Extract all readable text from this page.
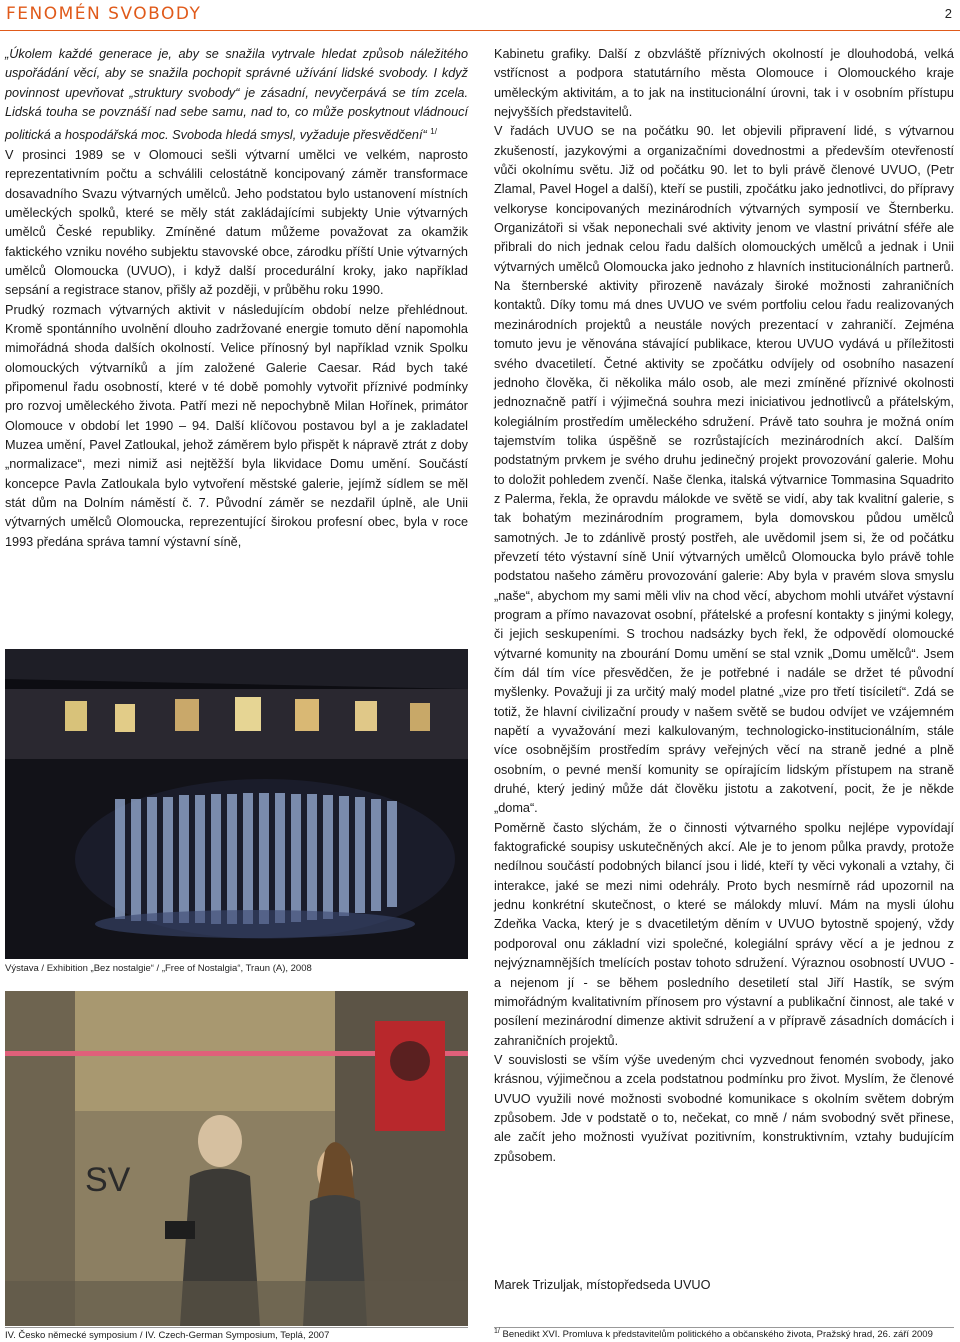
FENOMÉN SVOBODY	2

„Úkolem každé generace je, aby se snažila vytrvale hledat způsob náležitého uspořádání věcí, aby se snažila pochopit správné užívání lidské svobody. I když povinnost upevňovat „struktury svobody“ je zásadní, nevyčerpává se tím zcela. Lidská touha se povznáší nad sebe samu, nad to, co může poskytnout vládnoucí politická a hospodářská moc. Svoboda hledá smysl, vyžaduje přesvědčení“ $^{1/}$

V prosinci 1989 se v Olomouci sešli výtvarní umělci ve velkém, naprosto reprezentativním počtu a schválili celostátně koncipovaný záměr transformace dosavadního Svazu výtvarných umělců. Jeho podstatou bylo ustanovení místních uměleckých spolků, které se měly stát zakládajícími subjekty Unie výtvarných umělců České republiky. Zmíněné datum můžeme považovat za okamžik faktického vzniku nového subjektu stavovské obce, zárodku příští Unie výtvarných umělců Olomoucka (UVUO), i když další procedurální kroky, jako například sepsání a registrace stanov, přišly až později, v průběhu roku 1990.

Prudký rozmach výtvarných aktivit v následujícím období nelze přehlédnout. Kromě spontánního uvolnění dlouho zadržované energie tomuto dění napomohla mimořádná shoda dalších okolností. Velice přínosný byl například vznik Spolku olomouckých výtvarníků a jím založené Galerie Caesar. Rád bych také připomenul řadu osobností, které v té době pomohly vytvořit příznivé podmínky pro rozvoj uměleckého života. Patří mezi ně nepochybně Milan Hořínek, primátor Olomouce v období let 1990 – 94. Další klíčovou postavou byl a je zakladatel Muzea umění, Pavel Zatloukal, jehož záměrem bylo přispět k nápravě ztrát z doby „normalizace“, mezi nimiž asi nejtěžší byla likvidace Domu umění. Součástí koncepce Pavla Zatloukala bylo vytvoření městské galerie, jejímž sídlem se měl stát dům na Dolním náměstí č. 7. Původní záměr se nezdařil úplně, ale Unii výtvarných umělců Olomoucka, reprezentující širokou profesní obec, byla v roce 1993 předána správa tamní výstavní síně,

Výstava / Exhibition „Bez nostalgie“ / „Free of Nostalgia“, Traun (A), 2008
SV

Kabinetu grafiky. Další z obzvláště příznivých okolností je dlouhodobá, velká vstřícnost a podpora statutárního města Olomouce i Olomouckého kraje uměleckým aktivitám, a to jak na institucionální úrovni, tak i v osobním přístupu nejvyšších představitelů.

V řadách UVUO se na počátku 90. let objevili připravení lidé, s výtvarnou zkušeností, jazykovými a organizačními dovednostmi a především otevřeností vůči okolnímu světu. Již od počátku 90. let to byli právě členové UVUO, (Petr Zlamal, Pavel Hogel a další), kteří se pustili, zpočátku jako jednotlivci, do přípravy velkoryse koncipovaných mezinárodních výtvarných symposií ve Šternberku. Organizátoři si však neponechali své aktivity jenom ve vlastní privátní sféře ale přibrali do nich jednak celou řadu dalších olomouckých umělců a jednak i Unii výtvarných umělců Olomoucka jako jednoho z hlavních institucionálních partnerů. Na šternberské aktivity přirozeně navázaly široké možnosti zahraničních kontaktů. Díky tomu má dnes UVUO ve svém portfoliu celou řadu realizovaných mezinárodních projektů a neustále nových prezentací v zahraničí. Zejména tomuto jevu je věnována stávající publikace, kterou UVUO vydává u příležitosti svého dvacetiletí. Četné aktivity se zpočátku odvíjely od osobního nasazení jednoho člověka, či několika málo osob, ale mezi zmíněné příznivé okolnosti jednoznačně patří i výjimečná souhra mezi iniciativou jednotlivců a přátelským, kolegiálním prostředím uměleckého sdružení. Právě tato souhra je možná oním tajemstvím tolika úspěšně se rozrůstajících mezinárodních akcí. Dalším podstatným prvkem je svého druhu jedinečný projekt provozování galerie. Mohu to doložit pohledem zvenčí. Naše členka, italská výtvarnice Tommasina Squadrito z Palerma, řekla, že opravdu málokde ve světě se vidí, aby tak kvalitní galerie, s tak bohatým mezinárodním programem, byla domovskou půdou umělců samotných. Je to zdánlivě prostý postřeh, ale uvědomil jsem si, že od počátku převzetí této výstavní síně Unií výtvarných umělců Olomoucka bylo právě tohle podstatou našeho záměru provozování galerie: Aby byla v pravém slova smyslu „naše“, abychom my sami měli vliv na chod věcí, abychom mohli utvářet výstavní program a přímo navazovat osobní, přátelské a profesní kontakty s jinými kolegy, či jejich seskupeními. S trochou nadsázky bych řekl, že odpovědí olomoucké výtvarné komunity na zbourání Domu umění se stal vznik „Domu umělců“. Jsem čím dál tím více přesvědčen, že je potřebné i nadále se držet té původní myšlenky. Považuji ji za určitý malý model platné „vize pro třetí tisíciletí“. Zdá se totiž, že hlavní civilizační proudy v našem světě se budou odvíjet ve vzájemném napětí a vyvažování mezi kalkulovaným, technologicko-institucionálním, stále více osobnějším prostředím správy veřejných věcí na straně jedné a plně osobním, o pevné menší komunity se opírajícím lidským přístupem na straně druhé, který jediný může dát člověku jistotu a zakotvení, pocit, že je někde „doma“.

Poměrně často slýchám, že o činnosti výtvarného spolku nejlépe vypovídají faktografické soupisy uskutečněných akcí. Ale je to jenom půlka pravdy, protože nedílnou součástí podobných bilancí jsou i lidé, kteří ty věci vykonali a vztahy, či interakce, jaké se mezi nimi odehrály. Proto bych nesmírně rád upozornil na jednu konkrétní skutečnost, o které se málokdy mluví. Mám na mysli úlohu Zdeňka Vacka, který je s dvacetiletým děním v UVUO bytostně spojený, vždy podporoval onu základní vizi společné, kolegiální správy věcí a je jednou z nejvýznamnějších tmelících postav tohoto sdružení. Výraznou osobností UVUO - a nejenom jí - se během posledního desetiletí stal Jiří Hastík, se svým mimořádným kvalitativním přínosem pro výstavní a publikační činnost, ale také v posílení mezinárodní dimenze aktivit sdružení a v přípravě zásadních domácích i zahraničních projektů.

V souvislosti se vším výše uvedeným chci vyzvednout fenomén svobody, jako krásnou, výjimečnou a zcela podstatnou podmínku pro život. Myslím, že členové UVUO využili nové možnosti svobodné komunikace s okolním světem dobrým způsobem. Jde v podstatě o to, nečekat, co mně / nám svobodný svět přinese, ale začít jeho možnosti využívat pozitivním, konstruktivním, vztahy budujícím způsobem.

Marek Trizuljak, místopředseda UVUO
IV. Česko německé symposium / IV. Czech-German Symposium, Teplá, 2007	$^{1/}$ Benedikt XVI. Promluva k představitelům politického a občanského života, Pražský hrad, 26. září 2009
